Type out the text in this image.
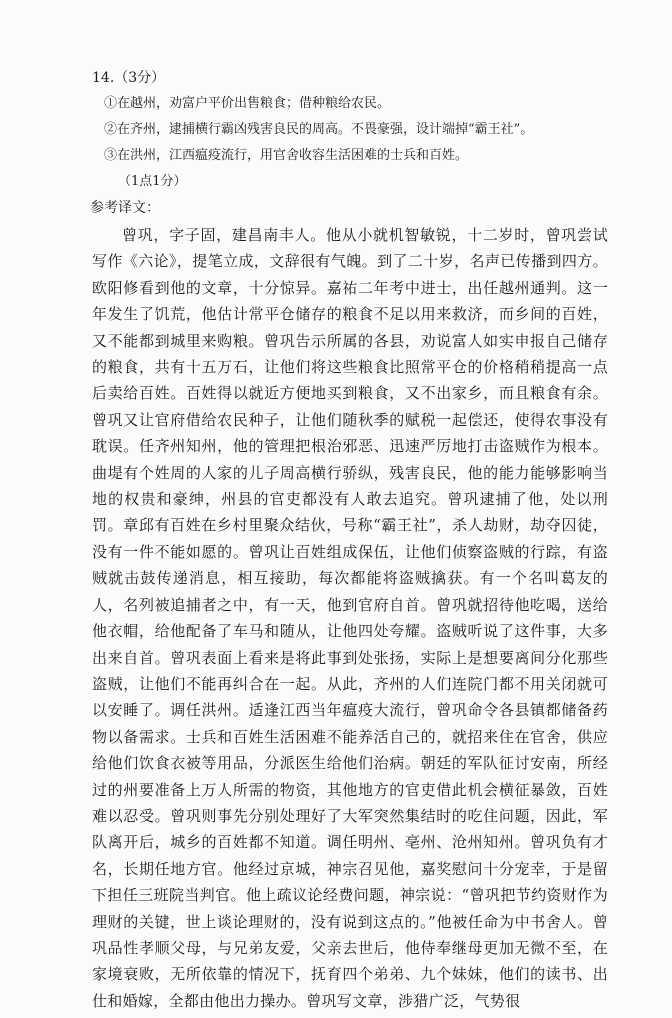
14.（3分）
①在越州，劝富户平价出售粮食；借种粮给农民。
②在齐州，逮捕横行霸凶残害良民的周高。不畏豪强，设计端掉“霸王社”。
③在洪州，江西瘟疫流行，用官舍收容生活困难的士兵和百姓。
（1点1分）
参考译文：

曾巩，字子固，建昌南丰人。他从小就机智敏锐，十二岁时，曾巩尝试写作《六论》，提笔立成，文辞很有气魄。到了二十岁，名声已传播到四方。欧阳修看到他的文章，十分惊异。嘉祐二年考中进士，出任越州通判。这一年发生了饥荒，他估计常平仓储存的粮食不足以用来救济，而乡间的百姓，又不能都到城里来购粮。曾巩告示所属的各县，劝说富人如实申报自己储存的粮食，共有十五万石，让他们将这些粮食比照常平仓的价格稍稍提高一点后卖给百姓。百姓得以就近方便地买到粮食，又不出家乡，而且粮食有余。曾巩又让官府借给农民种子，让他们随秋季的赋税一起偿还，使得农事没有耽误。任齐州知州，他的管理把根治邪恶、迅速严厉地打击盗贼作为根本。曲堤有个姓周的人家的儿子周高横行骄纵，残害良民，他的能力能够影响当地的权贵和豪绅，州县的官吏都没有人敢去追究。曾巩逮捕了他，处以刑罚。章邱有百姓在乡村里聚众结伙，号称“霸王社”，杀人劫财，劫夺囚徒，没有一件不能如愿的。曾巩让百姓组成保伍，让他们侦察盗贼的行踪，有盗贼就击鼓传递消息，相互接助，每次都能将盗贼擒获。有一个名叫葛友的人，名列被追捕者之中，有一天，他到官府自首。曾巩就招待他吃喝，送给他衣帽，给他配备了车马和随从，让他四处夸耀。盗贼听说了这件事，大多出来自首。曾巩表面上看来是将此事到处张扬，实际上是想要离间分化那些盗贼，让他们不能再纠合在一起。从此，齐州的人们连院门都不用关闭就可以安睡了。调任洪州。适逢江西当年瘟疫大流行，曾巩命令各县镇都储备药物以备需求。士兵和百姓生活困难不能养活自己的，就招来住在官舍，供应给他们饮食衣被等用品，分派医生给他们治病。朝廷的军队征讨安南，所经过的州要准备上万人所需的物资，其他地方的官吏借此机会横征暴敛，百姓难以忍受。曾巩则事先分别处理好了大军突然集结时的吃住问题，因此，军队离开后，城乡的百姓都不知道。调任明州、亳州、沧州知州。曾巩负有才名，长期任地方官。他经过京城，神宗召见他，嘉奖慰问十分宠幸，于是留下担任三班院当判官。他上疏议论经费问题，神宗说：“曾巩把节约资财作为理财的关键，世上谈论理财的，没有说到这点的。”他被任命为中书舍人。曾巩品性孝顺父母，与兄弟友爱，父亲去世后，他侍奉继母更加无微不至，在家境衰败，无所依靠的情况下，抚育四个弟弟、九个妹妹，他们的读书、出仕和婚嫁，全都由他出力操办。曾巩写文章，涉猎广泛，气势很
